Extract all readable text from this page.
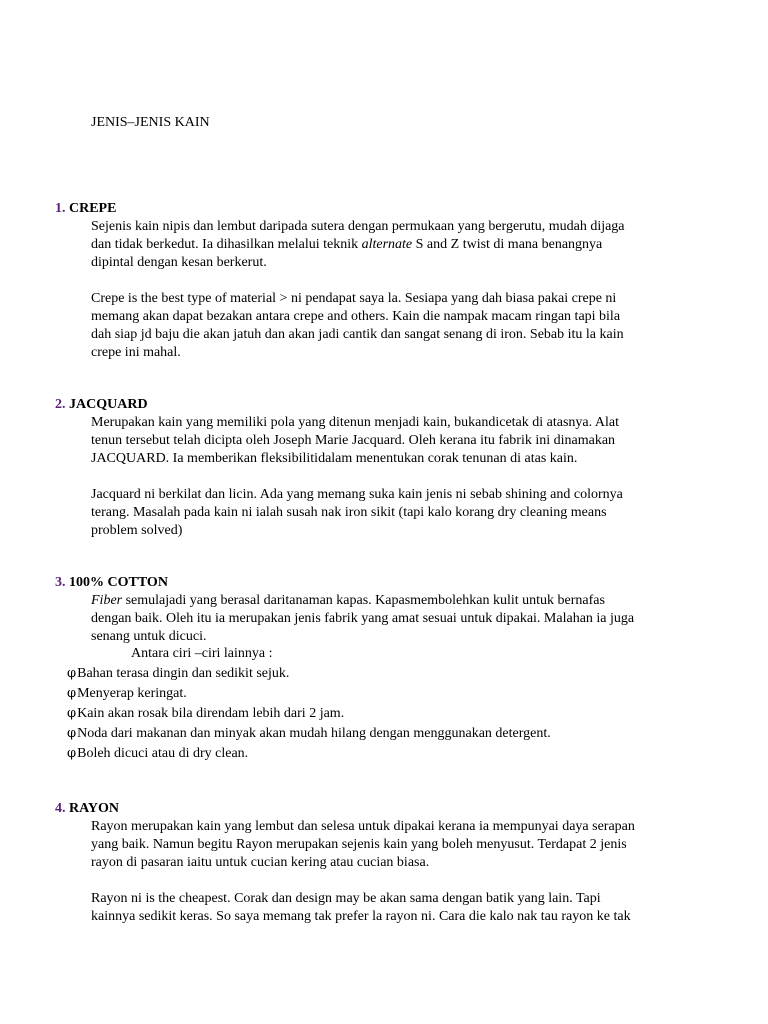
JENIS–JENIS KAIN
1. CREPE
Sejenis kain nipis dan lembut daripada sutera dengan permukaan yang bergerutu, mudah dijaga
dan tidak berkedut. Ia dihasilkan melalui teknik alternate S and Z twist di mana benangnya
dipintal dengan kesan berkerut.
Crepe is the best type of material > ni pendapat saya la. Sesiapa yang dah biasa pakai crepe ni
memang akan dapat bezakan antara crepe and others. Kain die nampak macam ringan tapi bila
dah siap jd baju die akan jatuh dan akan jadi cantik dan sangat senang di iron. Sebab itu la kain
crepe ini mahal.
2. JACQUARD
Merupakan kain yang memiliki pola yang ditenun menjadi kain, bukandicetak di atasnya. Alat
tenun tersebut telah dicipta oleh Joseph Marie Jacquard. Oleh kerana itu fabrik ini dinamakan
JACQUARD. Ia memberikan fleksibilitidalam menentukan corak tenunan di atas kain.
Jacquard ni berkilat dan licin. Ada yang memang suka kain jenis ni sebab shining and colornya
terang. Masalah pada kain ni ialah susah nak iron sikit (tapi kalo korang dry cleaning means
problem solved)
3. 100% COTTON
Fiber semulajadi yang berasal daritanaman kapas. Kapasmembolehkan kulit untuk bernafas
dengan baik. Oleh itu ia merupakan jenis fabrik yang amat sesuai untuk dipakai. Malahan ia juga
senang untuk dicuci.
Antara ciri –ciri lainnya :
φBahan terasa dingin dan sedikit sejuk.
φMenyerap keringat.
φKain akan rosak bila direndam lebih dari 2 jam.
φNoda dari makanan dan minyak akan mudah hilang dengan menggunakan detergent.
φBoleh dicuci atau di dry clean.
4. RAYON
Rayon merupakan kain yang lembut dan selesa untuk dipakai kerana ia mempunyai daya serapan
yang baik. Namun begitu Rayon merupakan sejenis kain yang boleh menyusut. Terdapat 2 jenis
rayon di pasaran iaitu untuk cucian kering atau cucian biasa.
Rayon ni is the cheapest. Corak dan design may be akan sama dengan batik yang lain. Tapi
kainnya sedikit keras. So saya memang tak prefer la rayon ni. Cara die kalo nak tau rayon ke tak
